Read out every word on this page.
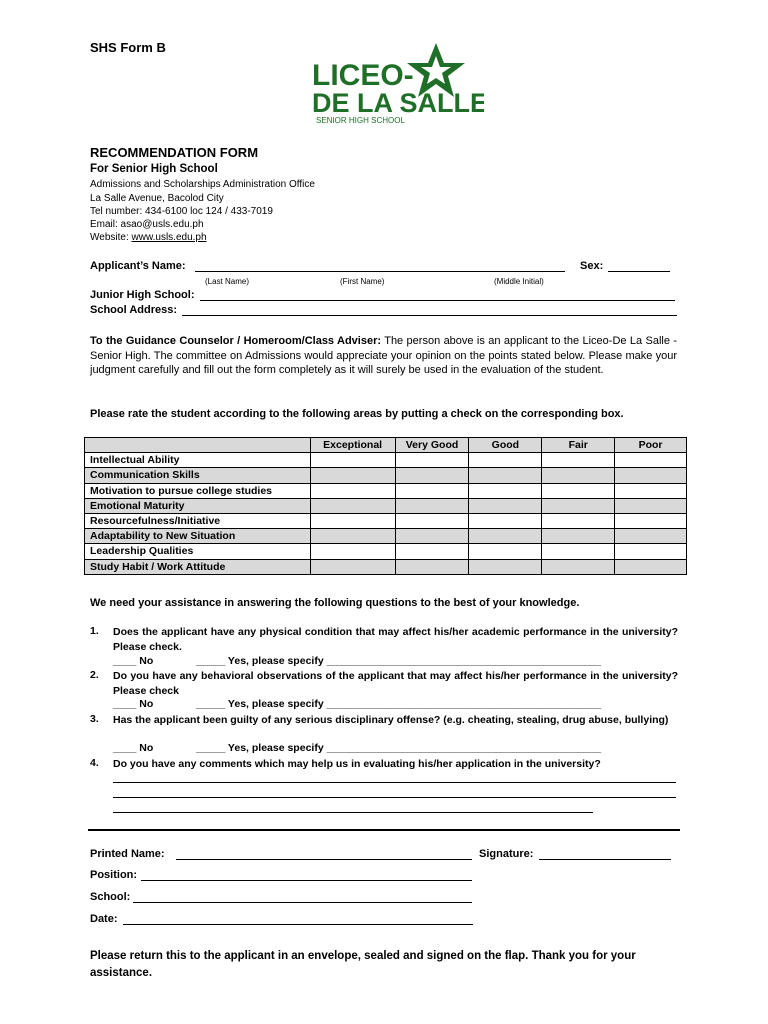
SHS Form B
LICEO-
DE LA SALLE
SENIOR HIGH SCHOOL
RECOMMENDATION FORM
For Senior High School
Admissions and Scholarships Administration Office
La Salle Avenue, Bacolod City
Tel number: 434-6100 loc 124 / 433-7019
Email: asao@usls.edu.ph
Website: www.usls.edu.ph
Applicant’s Name:	Sex:
(Last Name)	(First Name)	(Middle Initial)
Junior High School:
School Address:
To the Guidance Counselor / Homeroom/Class Adviser: The person above is an applicant to the Liceo-De La Salle - Senior High. The committee on Admissions would appreciate your opinion on the points stated below. Please make your judgment carefully and fill out the form completely as it will surely be used in the evaluation of the student.
Please rate the student according to the following areas by putting a check on the corresponding box.
	Exceptional	Very Good	Good	Fair	Poor
Intellectual Ability					
Communication Skills					
Motivation to pursue college studies					
Emotional Maturity					
Resourcefulness/Initiative					
Adaptability to New Situation					
Leadership Qualities					
Study Habit / Work Attitude					
We need your assistance in answering the following questions to the best of your knowledge.
1. Does the applicant have any physical condition that may affect his/her academic performance in the university? Please check.
____ No	_____ Yes, please specify _______________________________________________
2. Do you have any behavioral observations of the applicant that may affect his/her performance in the university? Please check
____ No	_____ Yes, please specify _______________________________________________
3. Has the applicant been guilty of any serious disciplinary offense? (e.g. cheating, stealing, drug abuse, bullying)
____ No	_____ Yes, please specify _______________________________________________
4. Do you have any comments which may help us in evaluating his/her application in the university?
Printed Name:	Signature:
Position:
School:
Date:
Please return this to the applicant in an envelope, sealed and signed on the flap. Thank you for your assistance.
